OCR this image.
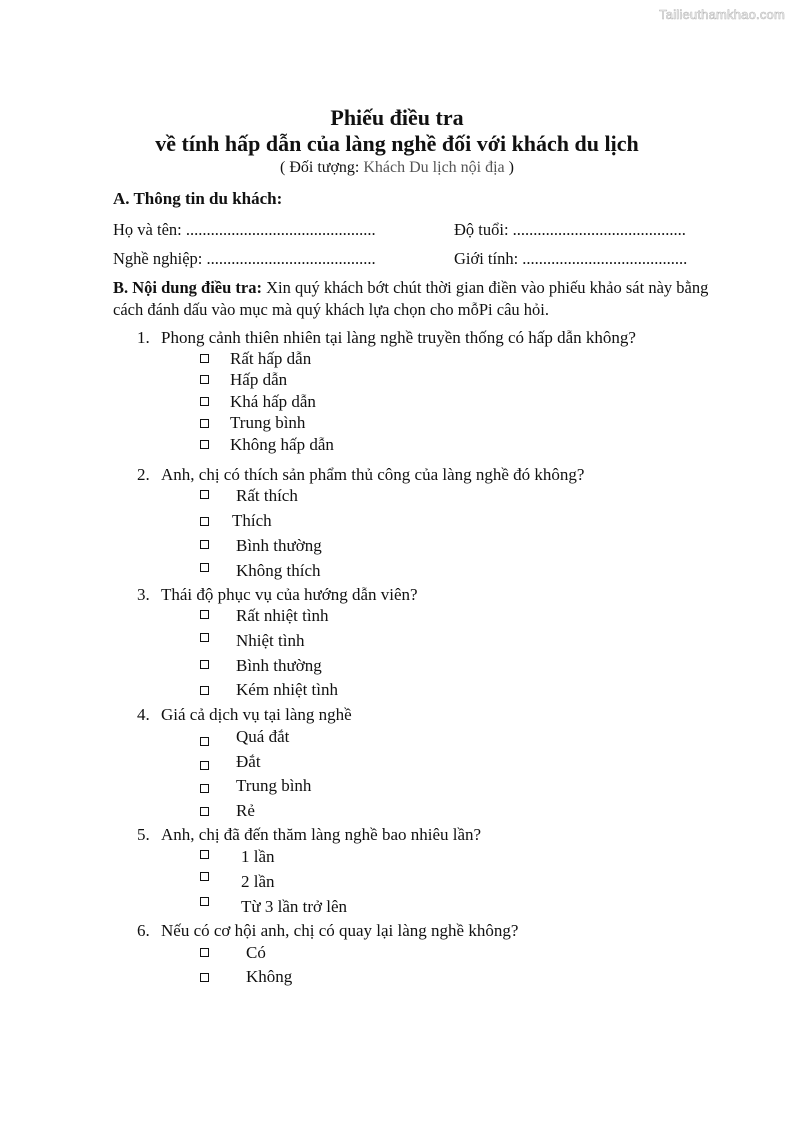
Tailieuthamkhao.com
Phiếu điều tra
về tính hấp dẫn của làng nghề đối với khách du lịch
( Đối tượng: Khách Du lịch nội địa )
A. Thông tin du khách:
Họ và tên: ..............................................	Độ tuổi: ..........................................
Nghề nghiệp: .........................................	Giới tính: ........................................
B. Nội dung điều tra: Xin quý khách bớt chút thời gian điền vào phiếu khảo sát này bằng cách đánh dấu vào mục mà quý khách lựa chọn cho mỗPi câu hỏi.
1. Phong cảnh thiên nhiên tại làng nghề truyền thống có hấp dẫn không?
Rất hấp dẫn
Hấp dẫn
Khá hấp dẫn
Trung bình
Không hấp dẫn
2. Anh, chị có thích sản phẩm thủ công của làng nghề đó không?
Rất thích
Thích
Bình thường
Không thích
3. Thái độ phục vụ của hướng dẫn viên?
Rất nhiệt tình
Nhiệt tình
Bình thường
Kém nhiệt tình
4. Giá cả dịch vụ tại làng nghề
Quá đắt
Đắt
Trung bình
Rẻ
5. Anh, chị đã đến thăm làng nghề bao nhiêu lần?
1 lần
2 lần
Từ 3 lần trở lên
6. Nếu có cơ hội anh, chị có quay lại làng nghề không?
Có
Không
